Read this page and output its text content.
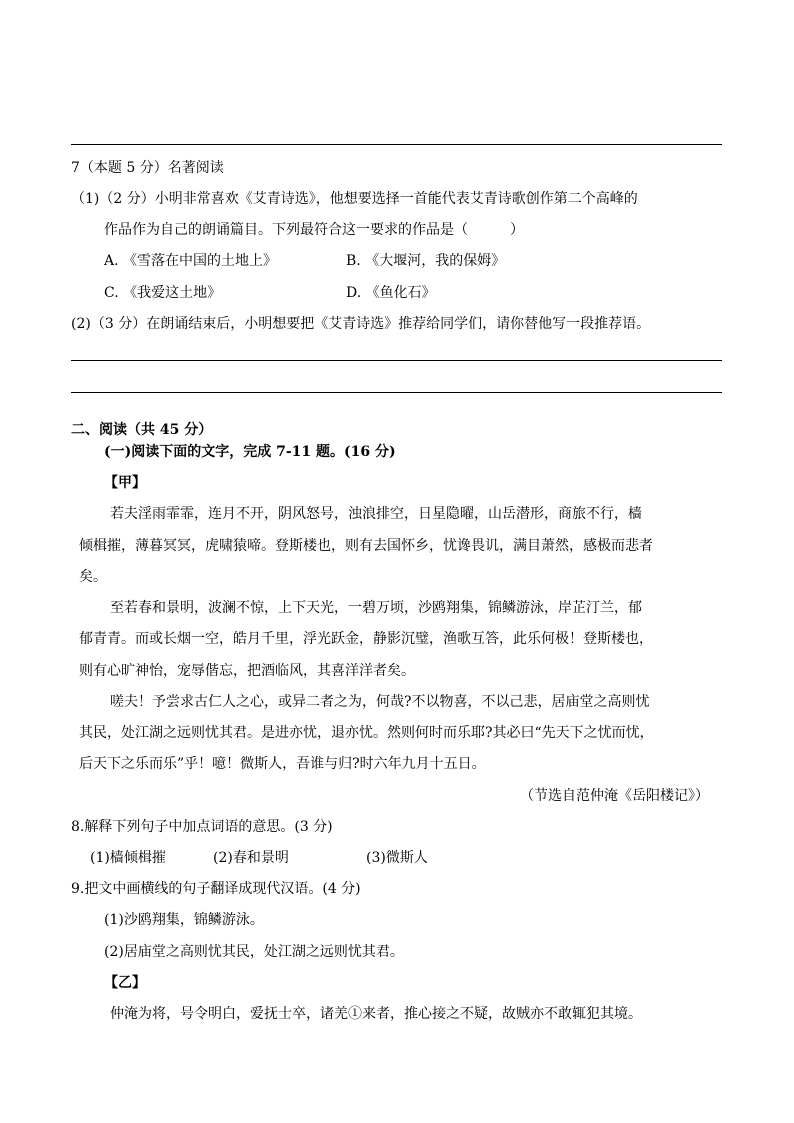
7（本题 5 分）名著阅读
（1)（2 分）小明非常喜欢《艾青诗选》，他想要选择一首能代表艾青诗歌创作第二个高峰的
作品作为自己的朗诵篇目。下列最符合这一要求的作品是（　　　）
A. 《雪落在中国的土地上》	B. 《大堰河，我的保姆》
C. 《我爱这土地》	D. 《鱼化石》
(2)（3 分）在朗诵结束后，小明想要把《艾青诗选》推荐给同学们，请你替他写一段推荐语。
二、阅读（共 45 分）
(一)阅读下面的文字，完成 7-11 题。(16 分)
【甲】
若夫淫雨霏霏，连月不开，阴风怒号，浊浪排空，日星隐曜，山岳潜形，商旅不行，樯
倾楫摧，薄暮冥冥，虎啸猿啼。登斯楼也，则有去国怀乡，忧谗畏讥，满目萧然，感极而悲者
矣。
至若春和景明，波澜不惊，上下天光，一碧万顷，沙鸥翔集，锦鳞游泳，岸芷汀兰，郁
郁青青。而或长烟一空，皓月千里，浮光跃金，静影沉璧，渔歌互答，此乐何极！登斯楼也，
则有心旷神怡，宠辱偕忘，把酒临风，其喜洋洋者矣。
嗟夫！予尝求古仁人之心，或异二者之为，何哉?不以物喜，不以己悲，居庙堂之高则忧
其民，处江湖之远则忧其君。是进亦忧，退亦忧。然则何时而乐耶?其必曰“先天下之忧而忧，
后天下之乐而乐”乎！噫！微斯人，吾谁与归?时六年九月十五日。
（节选自范仲淹《岳阳楼记》）
8.解释下列句子中加点词语的意思。(3 分)
(1)樯倾楫摧	(2)春和景明	(3)微斯人
9.把文中画横线的句子翻译成现代汉语。(4 分)
(1)沙鸥翔集，锦鳞游泳。
(2)居庙堂之高则忧其民，处江湖之远则忧其君。
【乙】
仲淹为将，号令明白，爱抚士卒，诸羌①来者，推心接之不疑，故贼亦不敢辄犯其境。
